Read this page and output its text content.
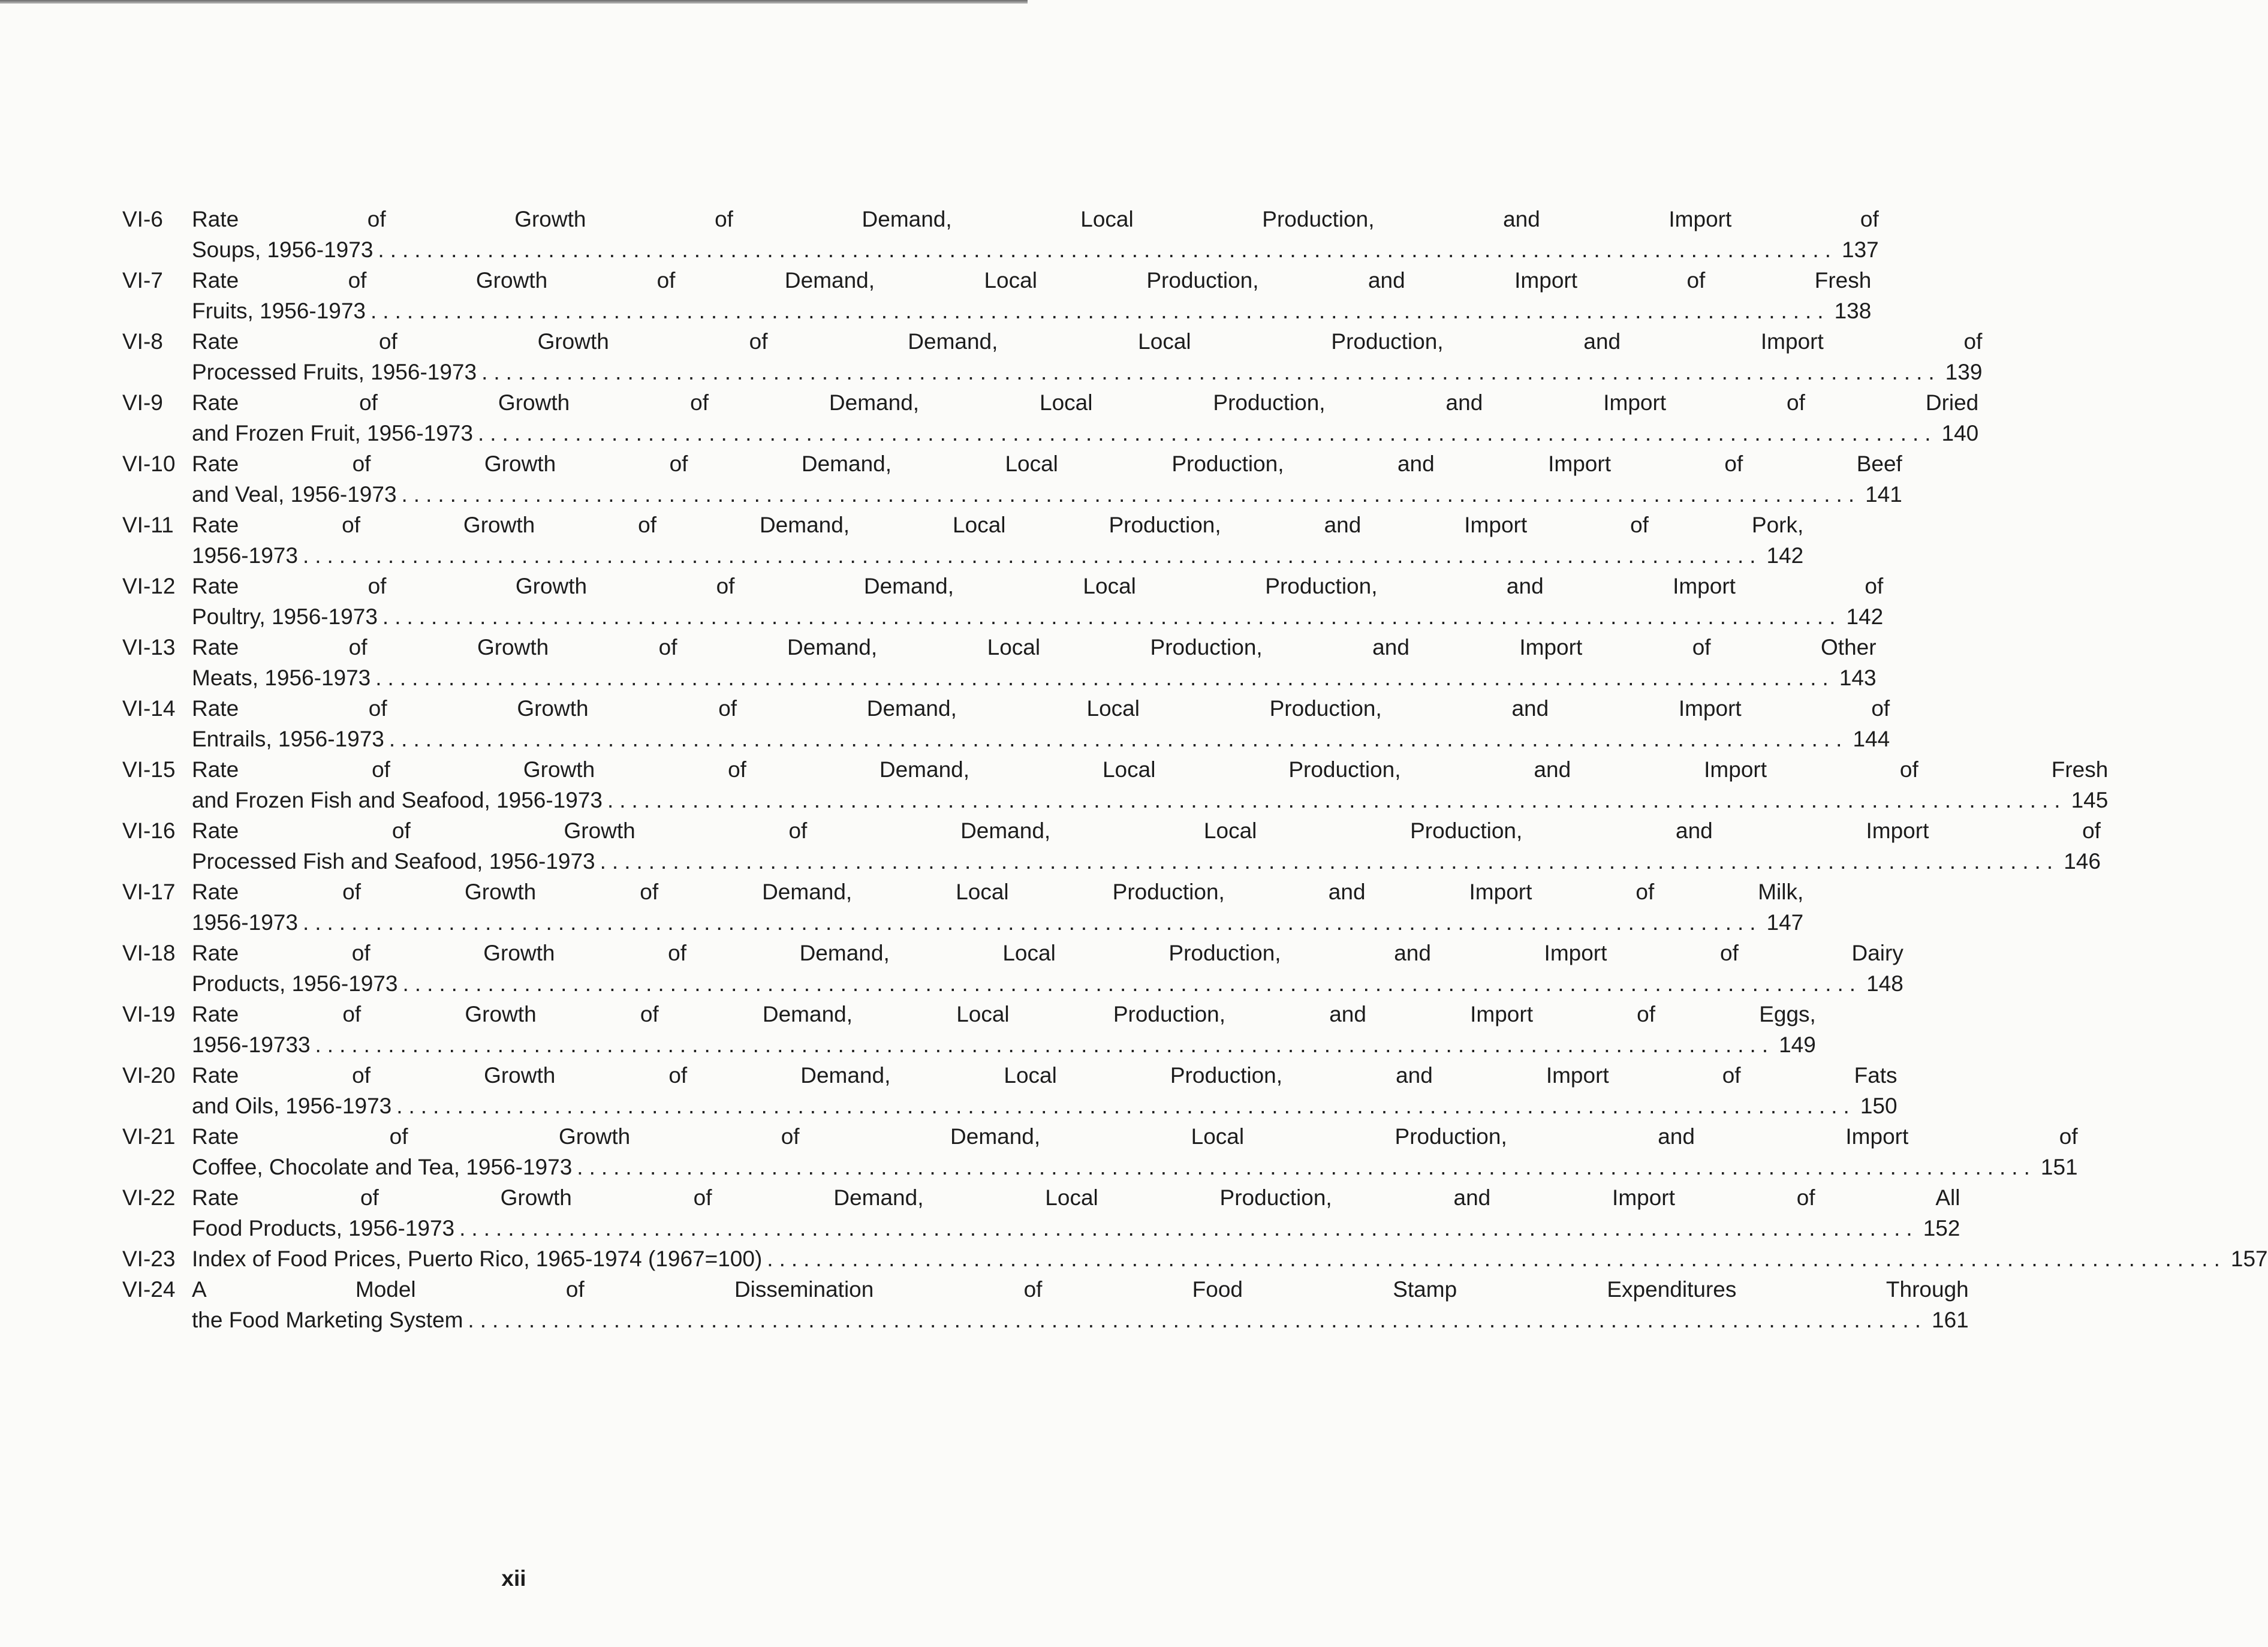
VI-6	Rate of Growth of Demand, Local Production, and Import of
Soups, 1956-1973 ........................................................................................................................ 137
VI-7	Rate of Growth of Demand, Local Production, and Import of Fresh
Fruits, 1956-1973 ........................................................................................................................ 138
VI-8	Rate of Growth of Demand, Local Production, and Import of
Processed Fruits, 1956-1973 ........................................................................................................................ 139
VI-9	Rate of Growth of Demand, Local Production, and Import of Dried
and Frozen Fruit, 1956-1973 ........................................................................................................................ 140
VI-10 Rate of Growth of Demand, Local Production, and Import of Beef
and Veal, 1956-1973 ........................................................................................................................ 141
VI-11 Rate of Growth of Demand, Local Production, and Import of Pork,
1956-1973 ........................................................................................................................ 142
VI-12 Rate of Growth of Demand, Local Production, and Import of
Poultry, 1956-1973 ........................................................................................................................ 142
VI-13 Rate of Growth of Demand, Local Production, and Import of Other
Meats, 1956-1973 ........................................................................................................................ 143
VI-14 Rate of Growth of Demand, Local Production, and Import of
Entrails, 1956-1973 ........................................................................................................................ 144
VI-15 Rate of Growth of Demand, Local Production, and Import of Fresh
and Frozen Fish and Seafood, 1956-1973 ........................................................................................................................ 145
VI-16 Rate of Growth of Demand, Local Production, and Import of
Processed Fish and Seafood, 1956-1973 ........................................................................................................................ 146
VI-17 Rate of Growth of Demand, Local Production, and Import of Milk,
1956-1973 ........................................................................................................................ 147
VI-18 Rate of Growth of Demand, Local Production, and Import of Dairy
Products, 1956-1973 ........................................................................................................................ 148
VI-19 Rate of Growth of Demand, Local Production, and Import of Eggs,
1956-19733 ........................................................................................................................ 149
VI-20 Rate of Growth of Demand, Local Production, and Import of Fats
and Oils, 1956-1973 ........................................................................................................................ 150
VI-21 Rate of Growth of Demand, Local Production, and Import of
Coffee, Chocolate and Tea, 1956-1973 ........................................................................................................................ 151
VI-22 Rate of Growth of Demand, Local Production, and Import of All
Food Products, 1956-1973 ........................................................................................................................ 152
VI-23 Index of Food Prices, Puerto Rico, 1965-1974 (1967=100) ........................................................................................................................ 157
VI-24 A Model of Dissemination of Food Stamp Expenditures Through
the Food Marketing System ........................................................................................................................ 161
xii
